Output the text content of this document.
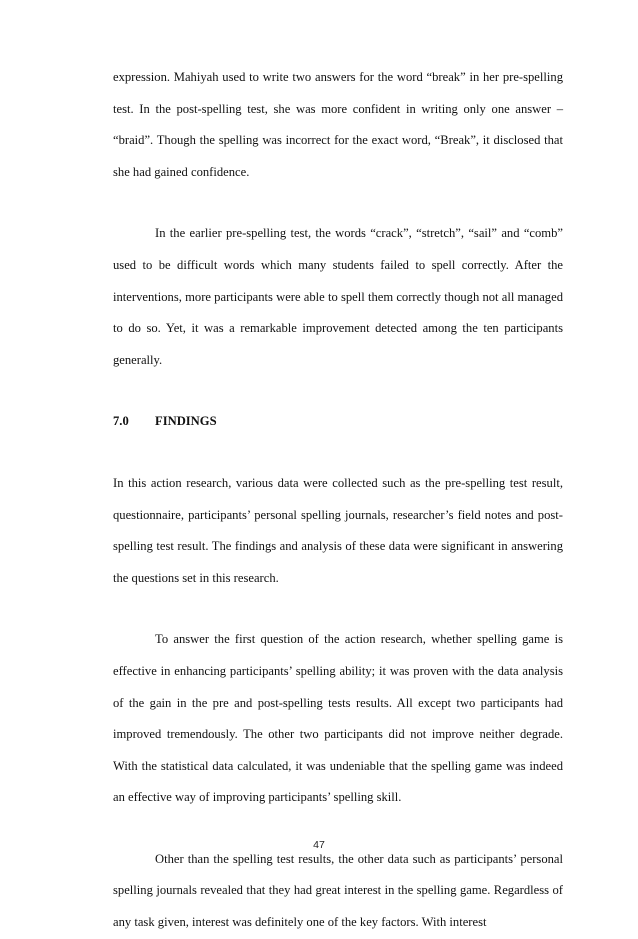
expression. Mahiyah used to write two answers for the word “break” in her pre-spelling test. In the post-spelling test, she was more confident in writing only one answer – “braid”. Though the spelling was incorrect for the exact word, “Break”, it disclosed that she had gained confidence.

In the earlier pre-spelling test, the words “crack”, “stretch”, “sail” and “comb” used to be difficult words which many students failed to spell correctly. After the interventions, more participants were able to spell them correctly though not all managed to do so. Yet, it was a remarkable improvement detected among the ten participants generally.

7.0	FINDINGS

In this action research, various data were collected such as the pre-spelling test result, questionnaire, participants’ personal spelling journals, researcher’s field notes and post-spelling test result. The findings and analysis of these data were significant in answering the questions set in this research.

To answer the first question of the action research, whether spelling game is effective in enhancing participants’ spelling ability; it was proven with the data analysis of the gain in the pre and post-spelling tests results. All except two participants had improved tremendously. The other two participants did not improve neither degrade. With the statistical data calculated, it was undeniable that the spelling game was indeed an effective way of improving participants’ spelling skill.

Other than the spelling test results, the other data such as participants’ personal spelling journals revealed that they had great interest in the spelling game. Regardless of any task given, interest was definitely one of the key factors. With interest

47
